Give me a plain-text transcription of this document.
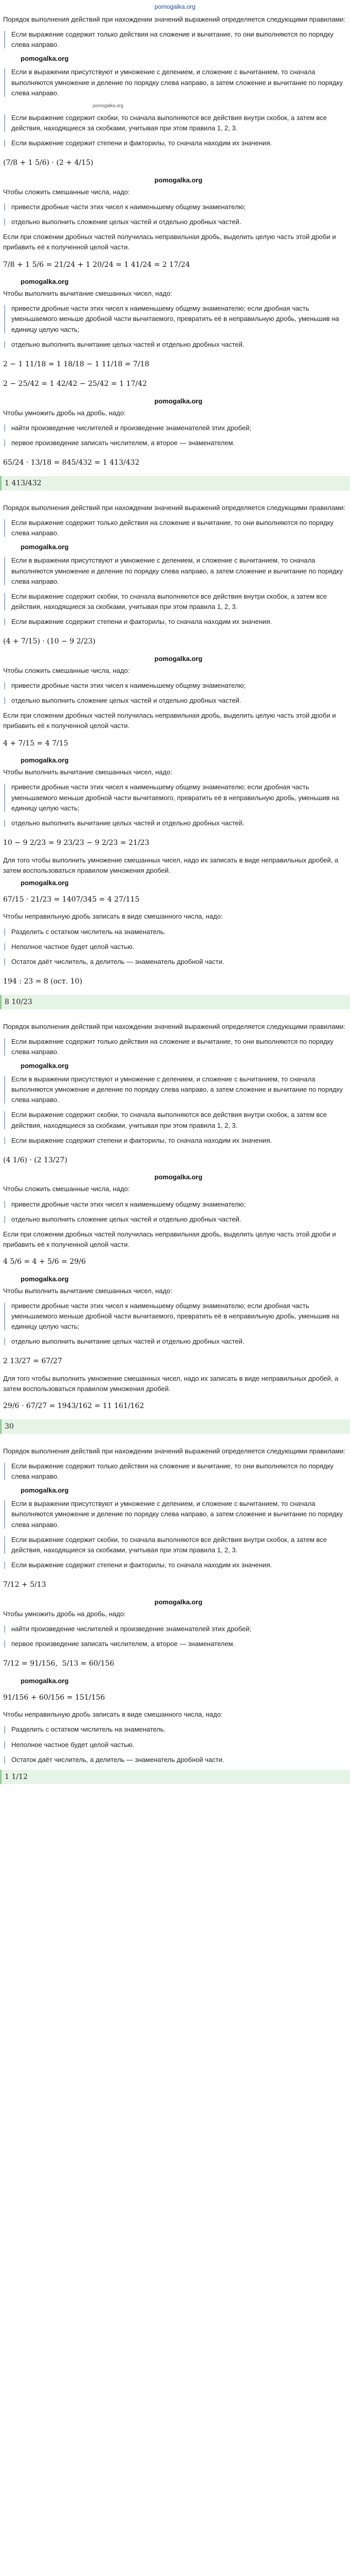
pomogalka.org
Порядок выполнения действий при нахождении значений выражений определяется следующими правилами:
Если выражение содержит только действия на сложение и вычитание, то они выполняются по порядку слева направо.
pomogalka.org
Если в выражении присутствуют и умножение с делением, и сложение с вычитанием, то сначала выполняются умножение и деление по порядку слева направо, а затем сложение и вычитание по порядку слева направо.
pomogalka.org
Если выражение содержит скобки, то сначала выполняются все действия внутри скобок, а затем все действия, находящиеся за скобками, учитывая при этом правила 1, 2, 3.
Если выражение содержит степени и факторилы, то сначала находим их значения.
(7/8 + 1 5/6) · (2 + 4/15)
pomogalka.org
Чтобы сложить смешанные числа, надо:
привести дробные части этих чисел к наименьшему общему знаменателю;
отдельно выполнить сложение целых частей и отдельно дробных частей.
Если при сложении дробных частей получилась неправильная дробь, выделить целую часть этой дроби и прибавить её к полученной целой части.
7/8 + 1 5/6 = 21/24 + 1 20/24 = 1 41/24 = 2 17/24
pomogalka.org
Чтобы выполнить вычитание смешанных чисел, надо:
привести дробные части этих чисел к наименьшему общему знаменателю; если дробная часть уменьшаемого меньше дробной части вычитаемого, превратить её в неправильную дробь, уменьшив на единицу целую часть;
отдельно выполнить вычитание целых частей и отдельно дробных частей.
2 − 1 11/18 = 1 18/18 − 1 11/18 = 7/18
2 − 25/42 = 1 42/42 − 25/42 = 1 17/42
pomogalka.org
Чтобы умножить дробь на дробь, надо:
найти произведение числителей и произведение знаменателей этих дробей;
первое произведение записать числителем, а второе — знаменателем.
65/24 · 13/18 = 845/432 = 1 413/432
1 413/432
Порядок выполнения действий при нахождении значений выражений определяется следующими правилами:
Если выражение содержит только действия на сложение и вычитание, то они выполняются по порядку слева направо.
pomogalka.org
Если в выражении присутствуют и умножение с делением, и сложение с вычитанием, то сначала выполняются умножение и деление по порядку слева направо, а затем сложение и вычитание по порядку слева направо.
Если выражение содержит скобки, то сначала выполняются все действия внутри скобок, а затем все действия, находящиеся за скобками, учитывая при этом правила 1, 2, 3.
Если выражение содержит степени и факторилы, то сначала находим их значения.
(4 + 7/15) · (10 − 9 2/23)
pomogalka.org
Чтобы сложить смешанные числа, надо:
привести дробные части этих чисел к наименьшему общему знаменателю;
отдельно выполнить сложение целых частей и отдельно дробных частей.
Если при сложении дробных частей получилась неправильная дробь, выделить целую часть этой дроби и прибавить её к полученной целой части.
4 + 7/15 = 4 7/15
pomogalka.org
Чтобы выполнить вычитание смешанных чисел, надо:
привести дробные части этих чисел к наименьшему общему знаменателю; если дробная часть уменьшаемого меньше дробной части вычитаемого, превратить её в неправильную дробь, уменьшив на единицу целую часть;
отдельно выполнить вычитание целых частей и отдельно дробных частей.
10 − 9 2/23 = 9 23/23 − 9 2/23 = 21/23
Для того чтобы выполнить умножение смешанных чисел, надо их записать в виде неправильных дробей, а затем воспользоваться правилом умножения дробей.
pomogalka.org
67/15 · 21/23 = 1407/345 = 4 27/115
Чтобы неправильную дробь записать в виде смешанного числа, надо:
Разделить с остатком числитель на знаменатель.
Неполное частное будет целой частью.
Остаток даёт числитель, а делитель — знаменатель дробной части.
194 : 23 = 8 (ост. 10)
8 10/23
Порядок выполнения действий при нахождении значений выражений определяется следующими правилами:
Если выражение содержит только действия на сложение и вычитание, то они выполняются по порядку слева направо.
pomogalka.org
Если в выражении присутствуют и умножение с делением, и сложение с вычитанием, то сначала выполняются умножение и деление по порядку слева направо, а затем сложение и вычитание по порядку слева направо.
Если выражение содержит скобки, то сначала выполняются все действия внутри скобок, а затем все действия, находящиеся за скобками, учитывая при этом правила 1, 2, 3.
Если выражение содержит степени и факторилы, то сначала находим их значения.
(4 1/6) · (2 13/27)
pomogalka.org
Чтобы сложить смешанные числа, надо:
привести дробные части этих чисел к наименьшему общему знаменателю;
отдельно выполнить сложение целых частей и отдельно дробных частей.
Если при сложении дробных частей получилась неправильная дробь, выделить целую часть этой дроби и прибавить её к полученной целой части.
4 5/6 = 4 + 5/6 = 29/6
pomogalka.org
Чтобы выполнить вычитание смешанных чисел, надо:
привести дробные части этих чисел к наименьшему общему знаменателю; если дробная часть уменьшаемого меньше дробной части вычитаемого, превратить её в неправильную дробь, уменьшив на единицу целую часть;
отдельно выполнить вычитание целых частей и отдельно дробных частей.
2 13/27 = 67/27
Для того чтобы выполнить умножение смешанных чисел, надо их записать в виде неправильных дробей, а затем воспользоваться правилом умножения дробей.
29/6 · 67/27 = 1943/162 = 11 161/162
30
Порядок выполнения действий при нахождении значений выражений определяется следующими правилами:
Если выражение содержит только действия на сложение и вычитание, то они выполняются по порядку слева направо.
pomogalka.org
Если в выражении присутствуют и умножение с делением, и сложение с вычитанием, то сначала выполняются умножение и деление по порядку слева направо, а затем сложение и вычитание по порядку слева направо.
Если выражение содержит скобки, то сначала выполняются все действия внутри скобок, а затем все действия, находящиеся за скобками, учитывая при этом правила 1, 2, 3.
Если выражение содержит степени и факторилы, то сначала находим их значения.
7/12 + 5/13
pomogalka.org
Чтобы умножить дробь на дробь, надо:
найти произведение числителей и произведение знаменателей этих дробей;
первое произведение записать числителем, а второе — знаменателем.
7/12 = 91/156,  5/13 = 60/156
pomogalka.org
91/156 + 60/156 = 151/156
Чтобы неправильную дробь записать в виде смешанного числа, надо:
Разделить с остатком числитель на знаменатель.
Неполное частное будет целой частью.
Остаток даёт числитель, а делитель — знаменатель дробной части.
1 1/12
